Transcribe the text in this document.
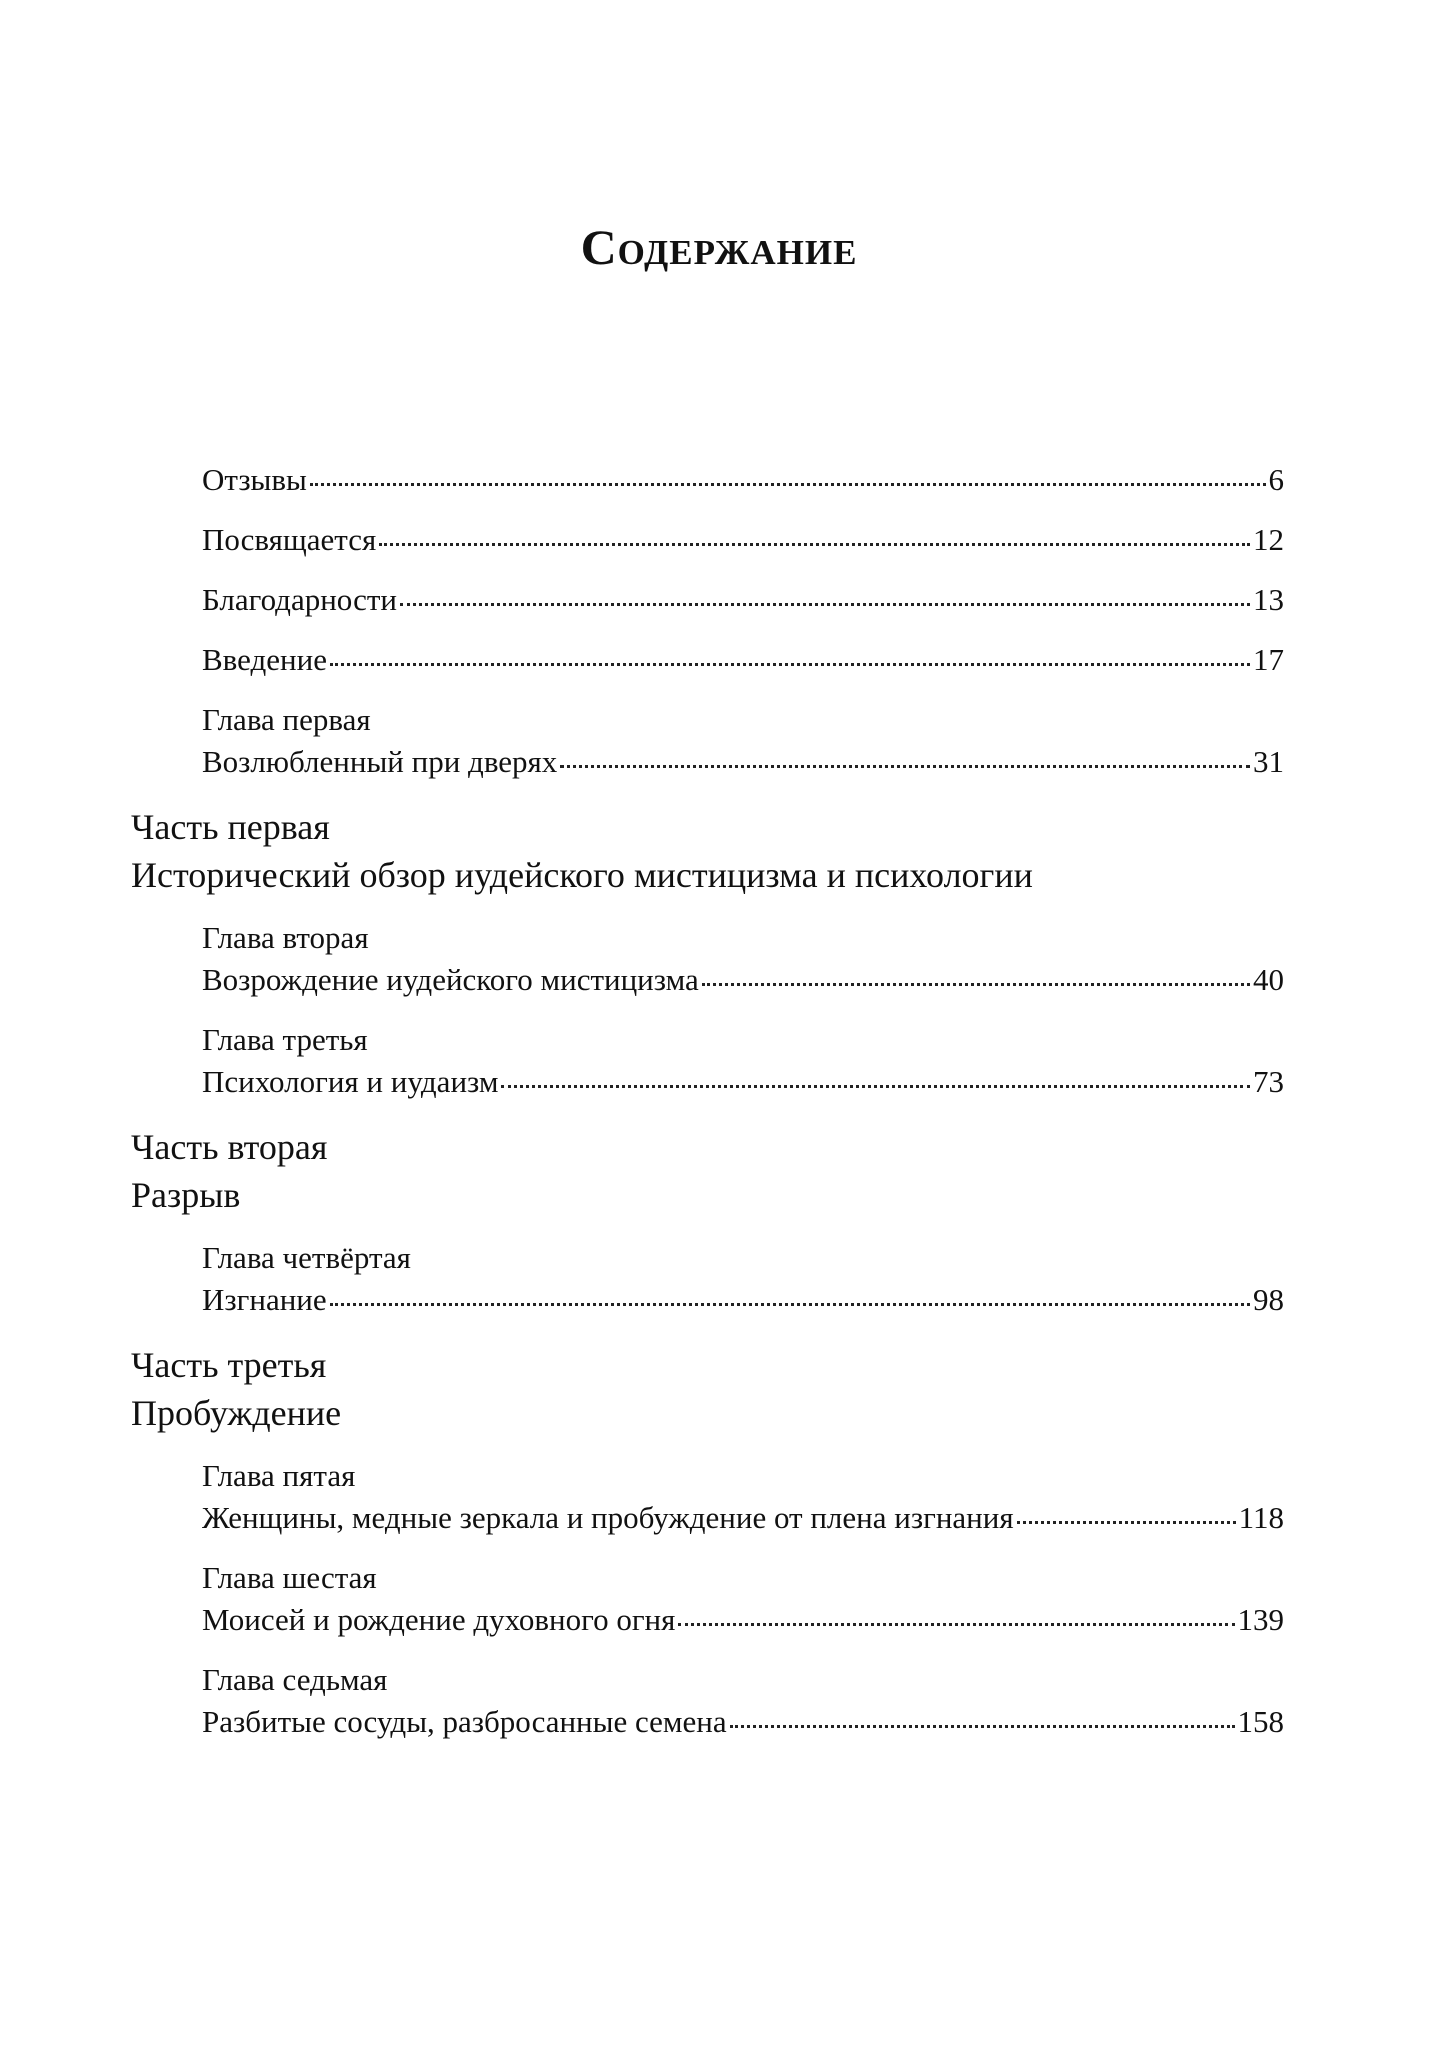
Содержание
Отзывы	6
Посвящается	12
Благодарности	13
Введение	17
Глава первая
Возлюбленный при дверях	31
Часть первая
Исторический обзор иудейского мистицизма и психологии
Глава вторая
Возрождение иудейского мистицизма	40
Глава третья
Психология и иудаизм	73
Часть вторая
Разрыв
Глава четвёртая
Изгнание	98
Часть третья
Пробуждение
Глава пятая
Женщины, медные зеркала и пробуждение от плена изгнания	118
Глава шестая
Моисей и рождение духовного огня	139
Глава седьмая
Разбитые сосуды, разбросанные семена	158
